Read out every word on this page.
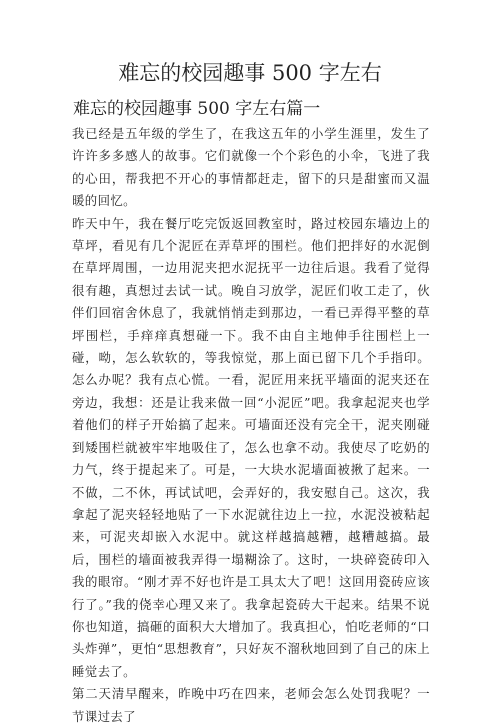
难忘的校园趣事 500 字左右
难忘的校园趣事 500 字左右篇一

我已经是五年级的学生了，在我这五年的小学生涯里，发生了许许多多感人的故事。它们就像一个个彩色的小伞，飞进了我的心田，帮我把不开心的事情都赶走，留下的只是甜蜜而又温暖的回忆。

昨天中午，我在餐厅吃完饭返回教室时，路过校园东墙边上的草坪，看见有几个泥匠在弄草坪的围栏。他们把拌好的水泥倒在草坪周围，一边用泥夹把水泥抚平一边往后退。我看了觉得很有趣，真想过去试一试。晚自习放学，泥匠们收工走了，伙伴们回宿舍休息了，我就悄悄走到那边，一看已弄得平整的草坪围栏，手痒痒真想碰一下。我不由自主地伸手往围栏上一碰，呦，怎么软软的，等我惊觉，那上面已留下几个手指印。怎么办呢？我有点心慌。一看，泥匠用来抚平墙面的泥夹还在旁边，我想：还是让我来做一回“小泥匠”吧。我拿起泥夹也学着他们的样子开始搞了起来。可墙面还没有完全干，泥夹刚碰到矮围栏就被牢牢地吸住了，怎么也拿不动。我使尽了吃奶的力气，终于提起来了。可是，一大块水泥墙面被揪了起来。一不做，二不休，再试试吧，会弄好的，我安慰自己。这次，我拿起了泥夹轻轻地贴了一下水泥就往边上一拉，水泥没被粘起来，可泥夹却嵌入水泥中。就这样越搞越糟，越糟越搞。最后，围栏的墙面被我弄得一塌糊涂了。这时，一块碎瓷砖印入我的眼帘。“刚才弄不好也许是工具太大了吧！这回用瓷砖应该行了。”我的侥幸心理又来了。我拿起瓷砖大干起来。结果不说你也知道，搞砸的面积大大增加了。我真担心，怕吃老师的“口头炸弹”，更怕“思想教育”，只好灰不溜秋地回到了自己的床上睡觉去了。

第二天清早醒来，昨晚中巧在四来，老师会怎么处罚我呢？一节课过去了
